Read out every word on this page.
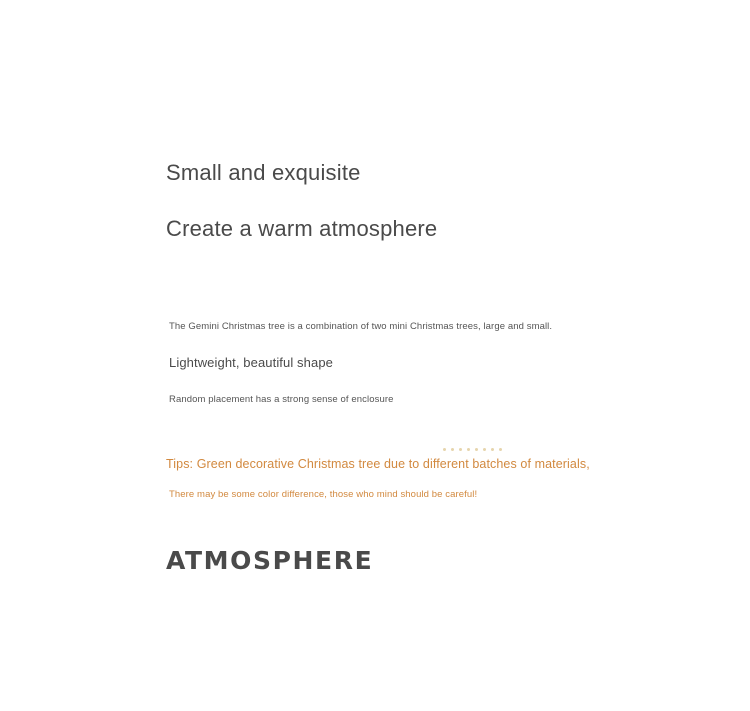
Small and exquisite
Create a warm atmosphere
The Gemini Christmas tree is a combination of two mini Christmas trees, large and small.
Lightweight, beautiful shape
Random placement has a strong sense of enclosure
Tips: Green decorative Christmas tree due to different batches of materials,
There may be some color difference, those who mind should be careful!
ATMOSPHERE
